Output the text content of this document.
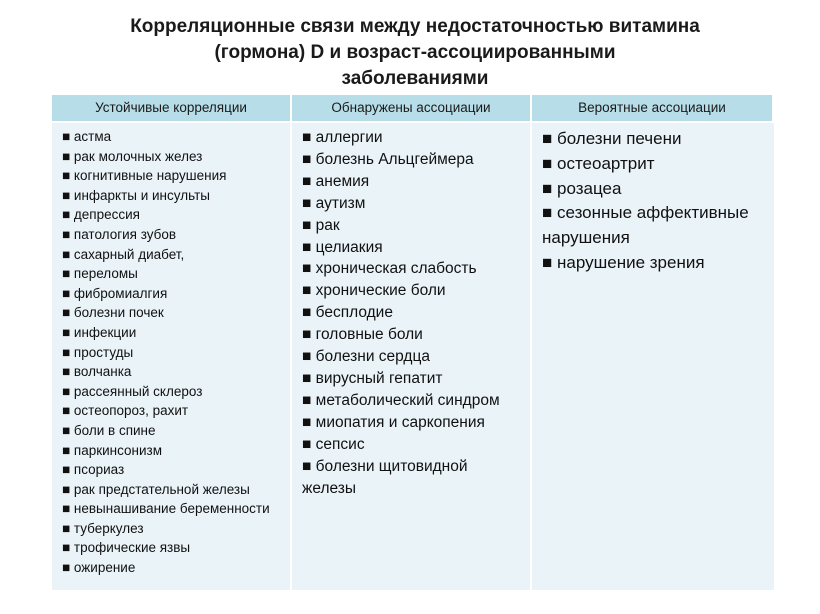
Корреляционные связи между недостаточностью витамина
(гормона) D и возраст-ассоциированными
заболеваниями
Устойчивые корреляции	Обнаружены ассоциации	Вероятные ассоциации
■ астма
■ рак молочных желез
■ когнитивные нарушения
■ инфаркты и инсульты
■ депрессия
■ патология зубов
■ сахарный диабет,
■ переломы
■ фибромиалгия
■ болезни почек
■ инфекции
■ простуды
■ волчанка
■ рассеянный склероз
■ остеопороз, рахит
■ боли в спине
■ паркинсонизм
■ псориаз
■ рак предстательной железы
■ невынашивание беременности
■ туберкулез
■ трофические язвы
■ ожирение
■ аллергии
■ болезнь Альцгеймера
■ анемия
■ аутизм
■ рак
■ целиакия
■ хроническая слабость
■ хронические боли
■ бесплодие
■ головные боли
■ болезни сердца
■ вирусный гепатит
■ метаболический синдром
■ миопатия и саркопения
■ сепсис
■ болезни щитовидной железы
■ болезни печени
■ остеоартрит
■ розацеа
■ сезонные аффективные нарушения
■ нарушение зрения
